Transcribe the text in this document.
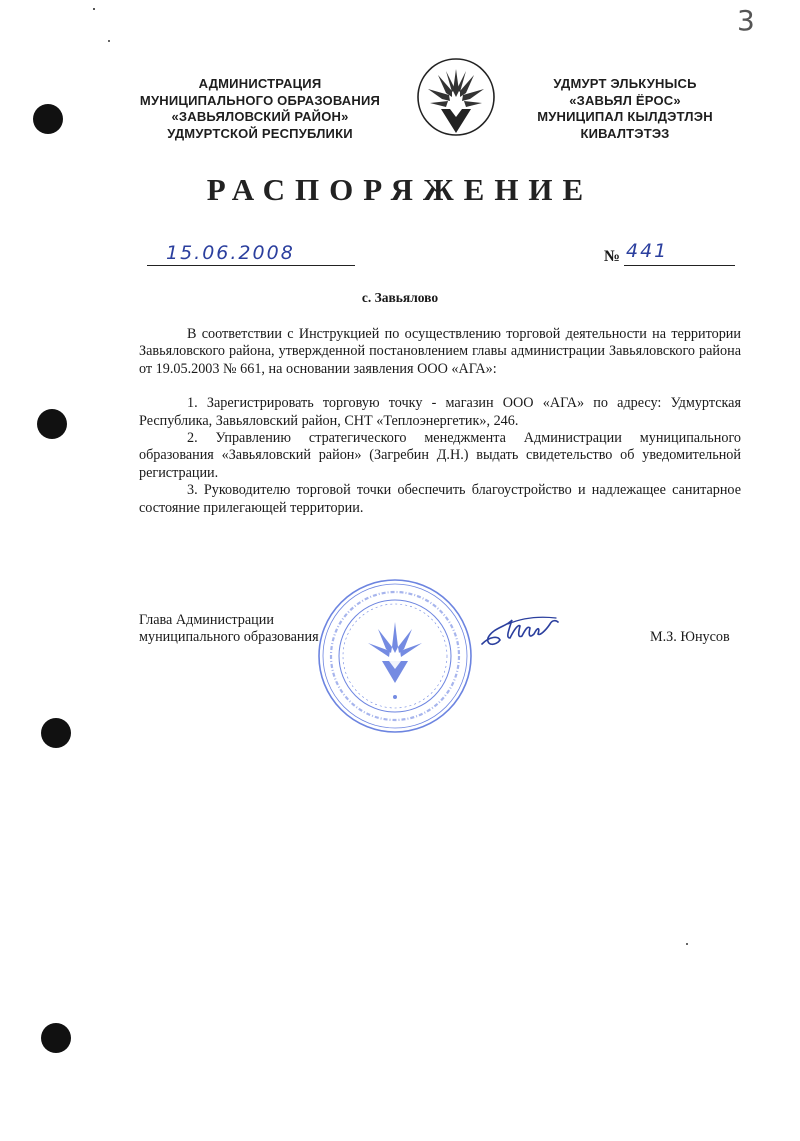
3
АДМИНИСТРАЦИЯ
МУНИЦИПАЛЬНОГО ОБРАЗОВАНИЯ
«ЗАВЬЯЛОВСКИЙ РАЙОН»
УДМУРТСКОЙ РЕСПУБЛИКИ
УДМУРТ ЭЛЬКУНЫСЬ
«ЗАВЬЯЛ ЁРОС»
МУНИЦИПАЛ КЫЛДЭТЛЭН
КИВАЛТЭТЭЗ
РАСПОРЯЖЕНИЕ
15.06.2008	№ 441
с. Завьялово

В соответствии с Инструкцией по осуществлению торговой деятельности на территории Завьяловского района, утвержденной постановлением главы администрации Завьяловского района от 19.05.2003 № 661, на основании заявления ООО «АГА»:

1. Зарегистрировать торговую точку - магазин ООО «АГА» по адресу: Удмуртская Республика, Завьяловский район, СНТ «Теплоэнергетик», 246.

2. Управлению стратегического менеджмента Администрации муниципального образования «Завьяловский район» (Загребин Д.Н.) выдать свидетельство об уведомительной регистрации.

3. Руководителю торговой точки обеспечить благоустройство и надлежащее санитарное состояние прилегающей территории.

Глава Администрации
муниципального образования	М.З. Юнусов
